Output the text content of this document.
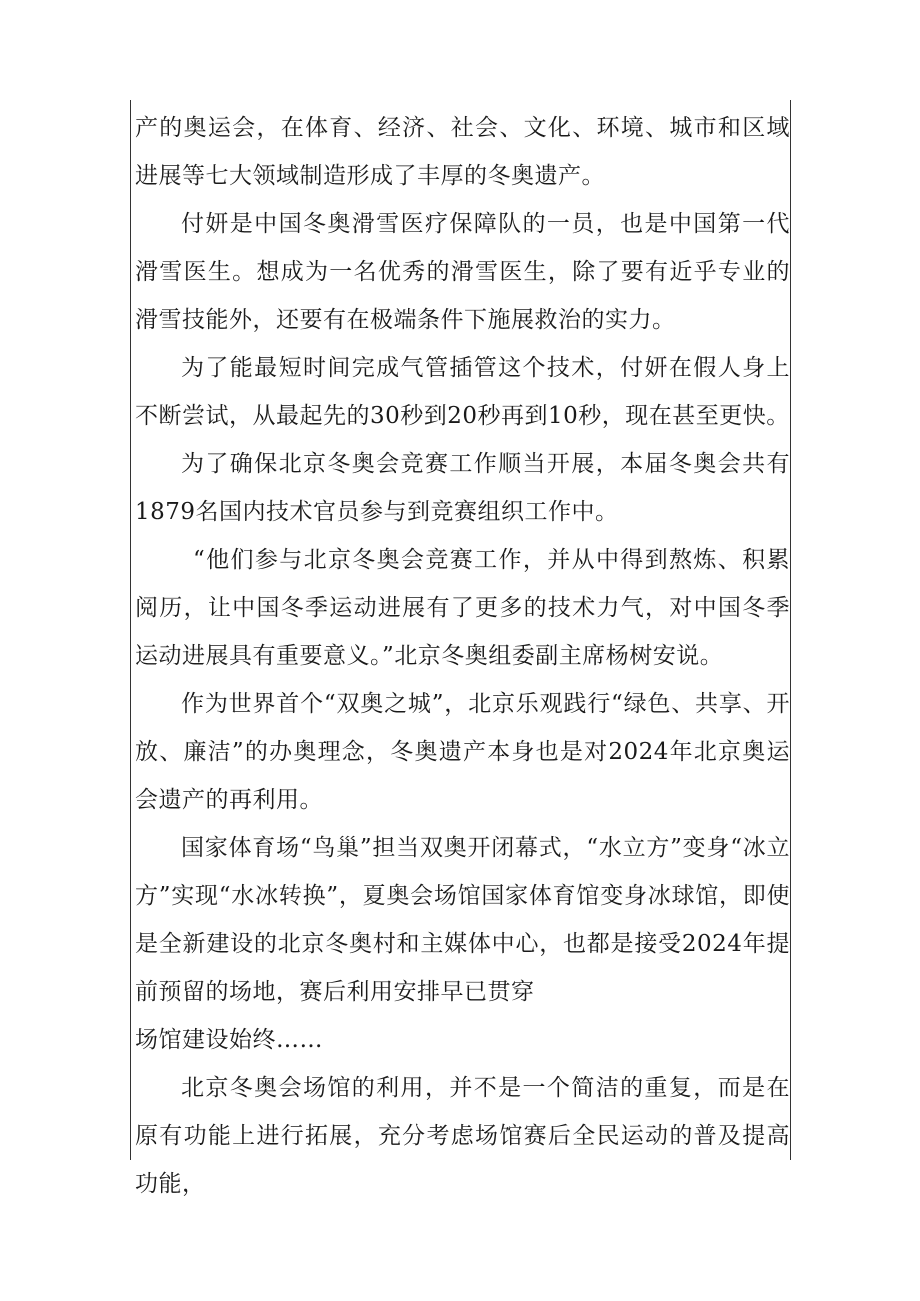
产的奥运会，在体育、经济、社会、文化、环境、城市和区域进展等七大领域制造形成了丰厚的冬奥遗产。

付妍是中国冬奥滑雪医疗保障队的一员，也是中国第一代滑雪医生。想成为一名优秀的滑雪医生，除了要有近乎专业的滑雪技能外，还要有在极端条件下施展救治的实力。

为了能最短时间完成气管插管这个技术，付妍在假人身上不断尝试，从最起先的30秒到20秒再到10秒，现在甚至更快。

为了确保北京冬奥会竞赛工作顺当开展，本届冬奥会共有1879名国内技术官员参与到竞赛组织工作中。

“他们参与北京冬奥会竞赛工作，并从中得到熬炼、积累阅历，让中国冬季运动进展有了更多的技术力气，对中国冬季运动进展具有重要意义。”北京冬奥组委副主席杨树安说。

作为世界首个“双奥之城”，北京乐观践行“绿色、共享、开放、廉洁”的办奥理念，冬奥遗产本身也是对2024年北京奥运会遗产的再利用。

国家体育场“鸟巢”担当双奥开闭幕式，“水立方”变身“冰立方”实现“水冰转换”，夏奥会场馆国家体育馆变身冰球馆，即使是全新建设的北京冬奥村和主媒体中心，也都是接受2024年提前预留的场地，赛后利用安排早已贯穿

场馆建设始终……

北京冬奥会场馆的利用，并不是一个简洁的重复，而是在原有功能上进行拓展，充分考虑场馆赛后全民运动的普及提高功能，
